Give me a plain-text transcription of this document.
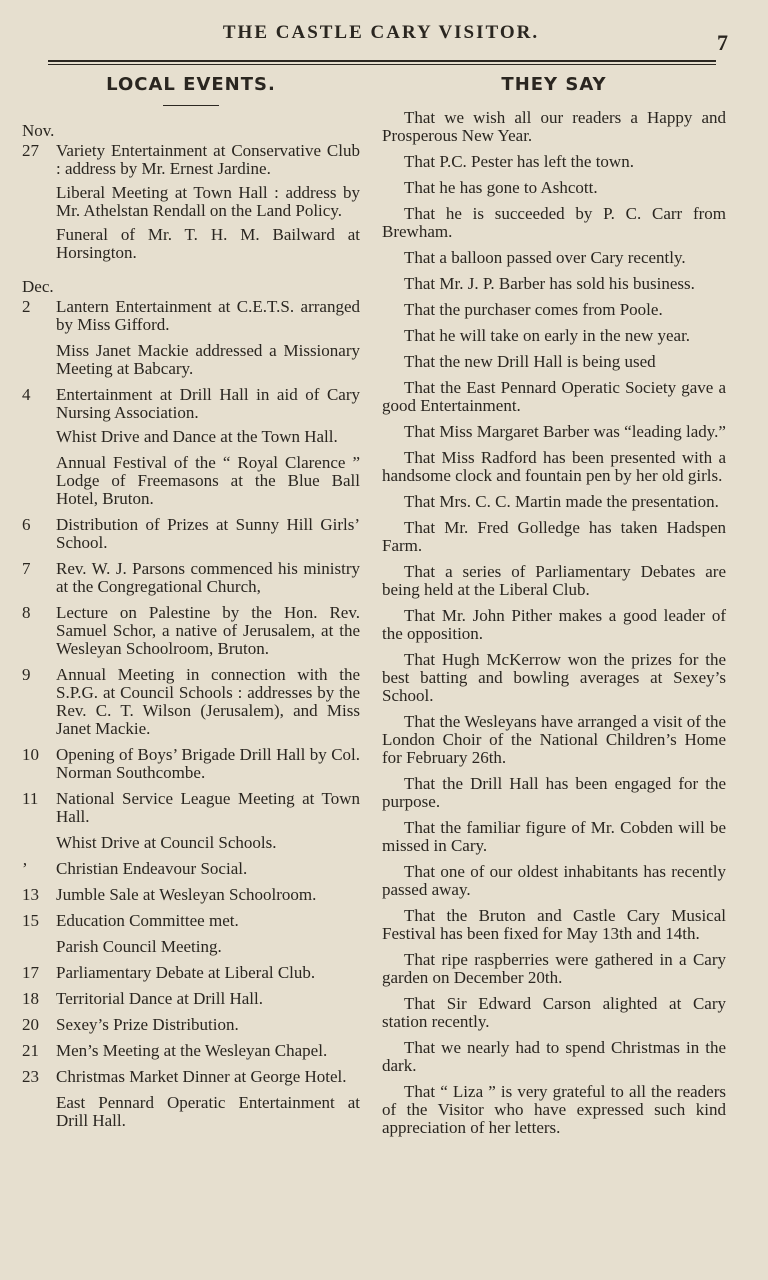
THE CASTLE CARY VISITOR.	7
LOCAL EVENTS.

Nov.

27	Variety Entertainment at Conservative Club : address by Mr. Ernest Jardine.
Liberal Meeting at Town Hall : address by Mr. Athelstan Rendall on the Land Policy.
Funeral of Mr. T. H. M. Bailward at Horsington.

Dec.

2	Lantern Entertainment at C.E.T.S. arranged by Miss Gifford.
Miss Janet Mackie addressed a Missionary Meeting at Babcary.
4	Entertainment at Drill Hall in aid of Cary Nursing Association.
Whist Drive and Dance at the Town Hall.
Annual Festival of the “ Royal Clarence ” Lodge of Freemasons at the Blue Ball Hotel, Bruton.
6	Distribution of Prizes at Sunny Hill Girls’ School.
7	Rev. W. J. Parsons commenced his ministry at the Congregational Church,
8	Lecture on Palestine by the Hon. Rev. Samuel Schor, a native of Jerusalem, at the Wesleyan Schoolroom, Bruton.
9	Annual Meeting in connection with the S.P.G. at Council Schools : addresses by the Rev. C. T. Wilson (Jerusalem), and Miss Janet Mackie.
10	Opening of Boys’ Brigade Drill Hall by Col. Norman Southcombe.
11	National Service League Meeting at Town Hall.
Whist Drive at Council Schools.
’	Christian Endeavour Social.
13	Jumble Sale at Wesleyan Schoolroom.
15	Education Committee met.
Parish Council Meeting.
17	Parliamentary Debate at Liberal Club.
18	Territorial Dance at Drill Hall.
20	Sexey’s Prize Distribution.
21	Men’s Meeting at the Wesleyan Chapel.
23	Christmas Market Dinner at George Hotel.
East Pennard Operatic Entertainment at Drill Hall.
THEY SAY

That we wish all our readers a Happy and Prosperous New Year.

That P.C. Pester has left the town.

That he has gone to Ashcott.

That he is succeeded by P. C. Carr from Brewham.

That a balloon passed over Cary recently.

That Mr. J. P. Barber has sold his business.

That the purchaser comes from Poole.

That he will take on early in the new year.

That the new Drill Hall is being used

That the East Pennard Operatic Society gave a good Entertainment.

That Miss Margaret Barber was “leading lady.”

That Miss Radford has been presented with a handsome clock and fountain pen by her old girls.

That Mrs. C. C. Martin made the presentation.

That Mr. Fred Golledge has taken Hadspen Farm.

That a series of Parliamentary Debates are being held at the Liberal Club.

That Mr. John Pither makes a good leader of the opposition.

That Hugh McKerrow won the prizes for the best batting and bowling averages at Sexey’s School.

That the Wesleyans have arranged a visit of the London Choir of the National Children’s Home for February 26th.

That the Drill Hall has been engaged for the purpose.

That the familiar figure of Mr. Cobden will be missed in Cary.

That one of our oldest inhabitants has recently passed away.

That the Bruton and Castle Cary Musical Festival has been fixed for May 13th and 14th.

That ripe raspberries were gathered in a Cary garden on December 20th.

That Sir Edward Carson alighted at Cary station recently.

That we nearly had to spend Christmas in the dark.

That “ Liza ” is very grateful to all the readers of the Visitor who have expressed such kind appreciation of her letters.
